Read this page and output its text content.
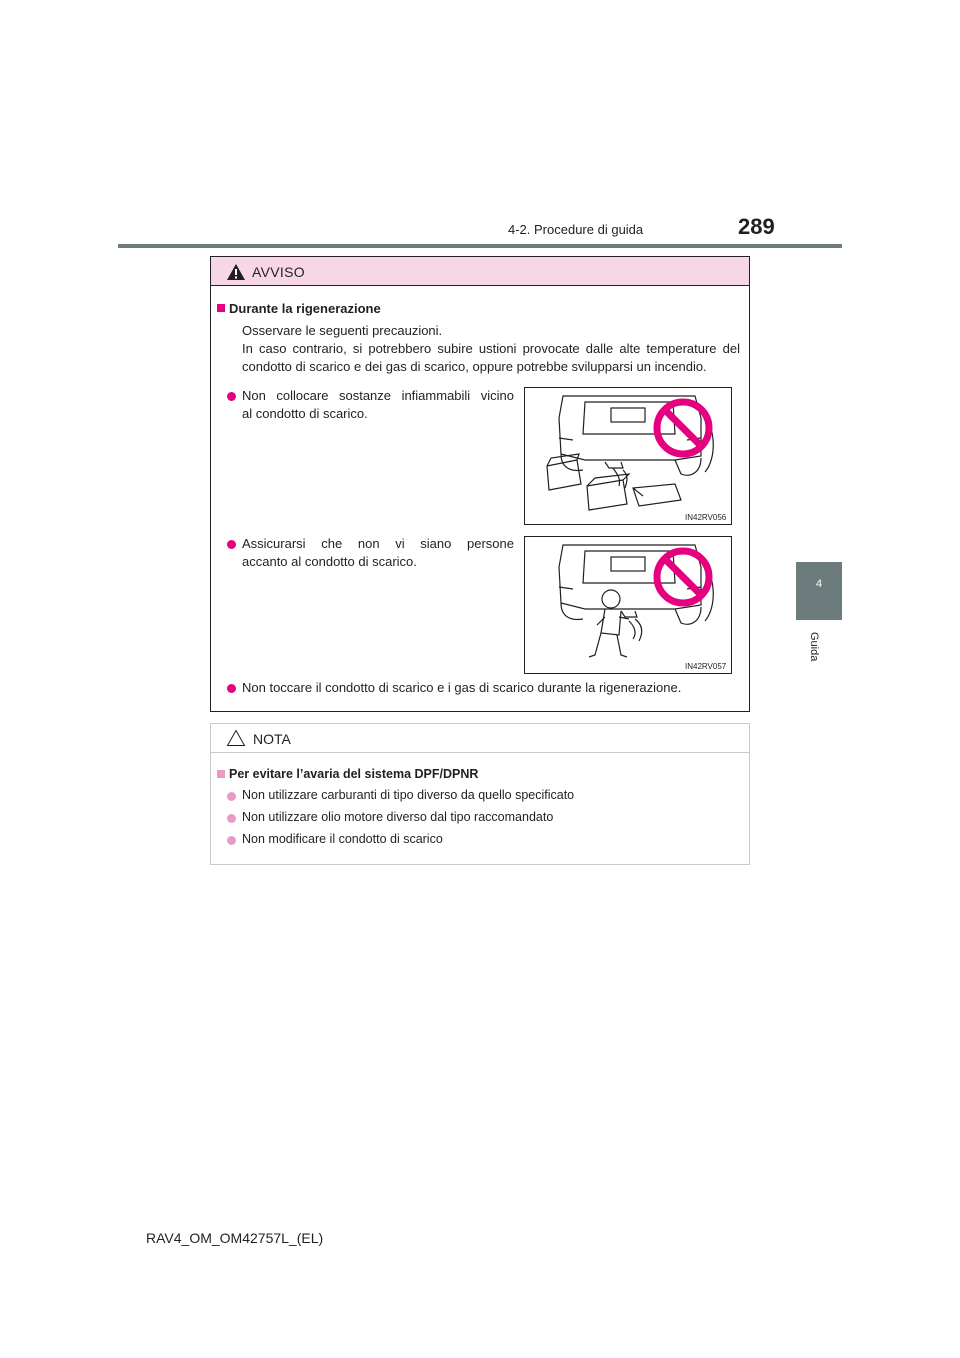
4-2. Procedure di guida	289
4
Guida
AVVISO
Durante la rigenerazione
Osservare le seguenti precauzioni.
In caso contrario, si potrebbero subire ustioni provocate dalle alte temperature del
condotto di scarico e dei gas di scarico, oppure potrebbe svilupparsi un incendio.
Non collocare sostanze infiammabili vicino
al condotto di scarico.
IN42RV056
Assicurarsi che non vi siano persone
accanto al condotto di scarico.
IN42RV057
Non toccare il condotto di scarico e i gas di scarico durante la rigenerazione.
NOTA
Per evitare l’avaria del sistema DPF/DPNR
Non utilizzare carburanti di tipo diverso da quello specificato
Non utilizzare olio motore diverso dal tipo raccomandato
Non modificare il condotto di scarico
RAV4_OM_OM42757L_(EL)
